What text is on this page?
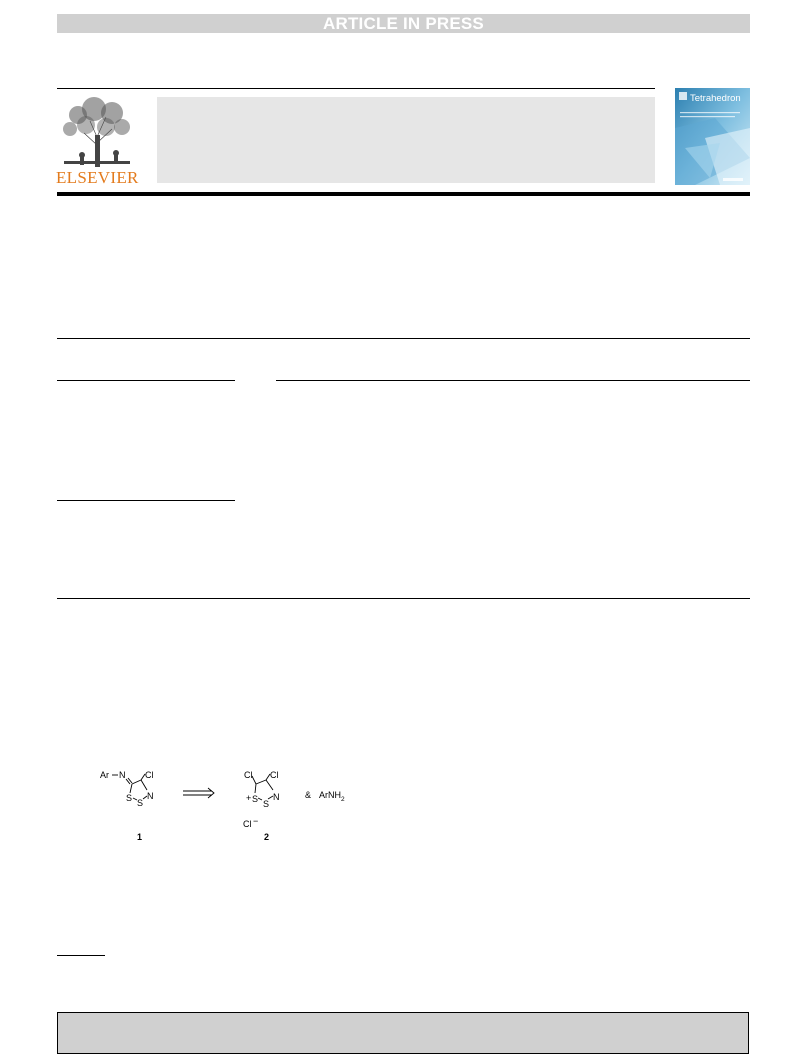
ARTICLE IN PRESS
ELSEVIER
Tetrahedron
Ar N Cl
S S
N
1
Cl Cl
+ S S
N
Cl −
2
& ArNH$_2$
